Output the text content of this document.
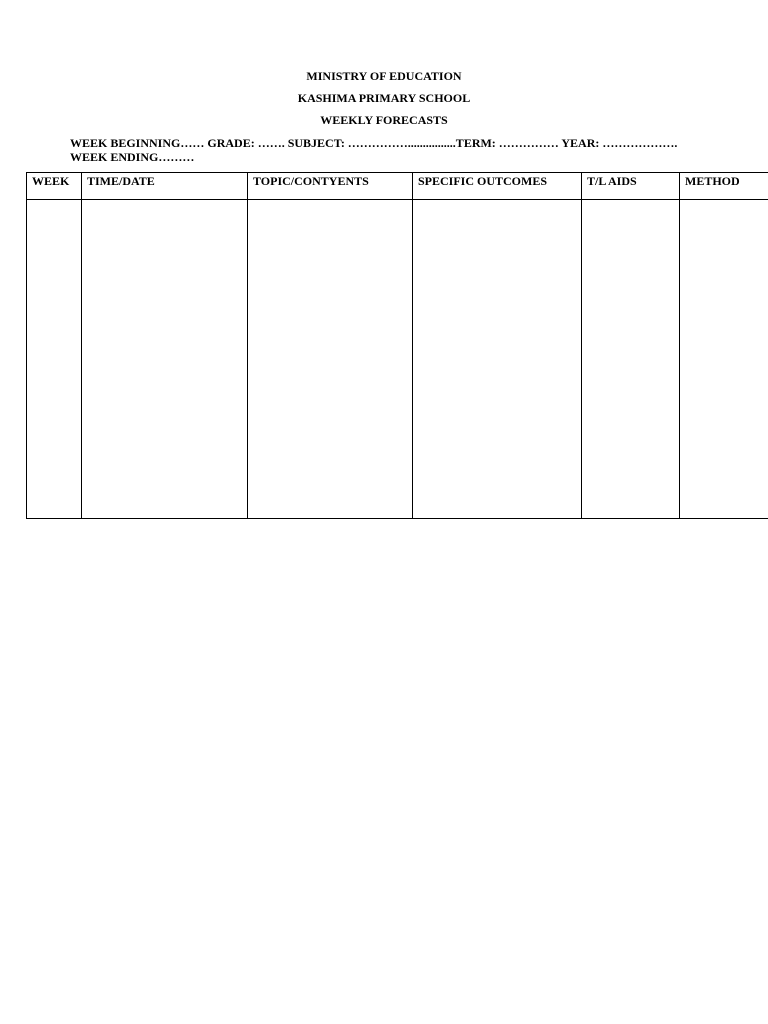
MINISTRY OF EDUCATION
KASHIMA PRIMARY SCHOOL
WEEKLY FORECASTS
WEEK BEGINNING…… GRADE: ……. SUBJECT: ……………................TERM: …………… YEAR: ……………….
WEEK ENDING………
WEEK	TIME/DATE	TOPIC/CONTYENTS	SPECIFIC OUTCOMES	T/L AIDS	METHOD
